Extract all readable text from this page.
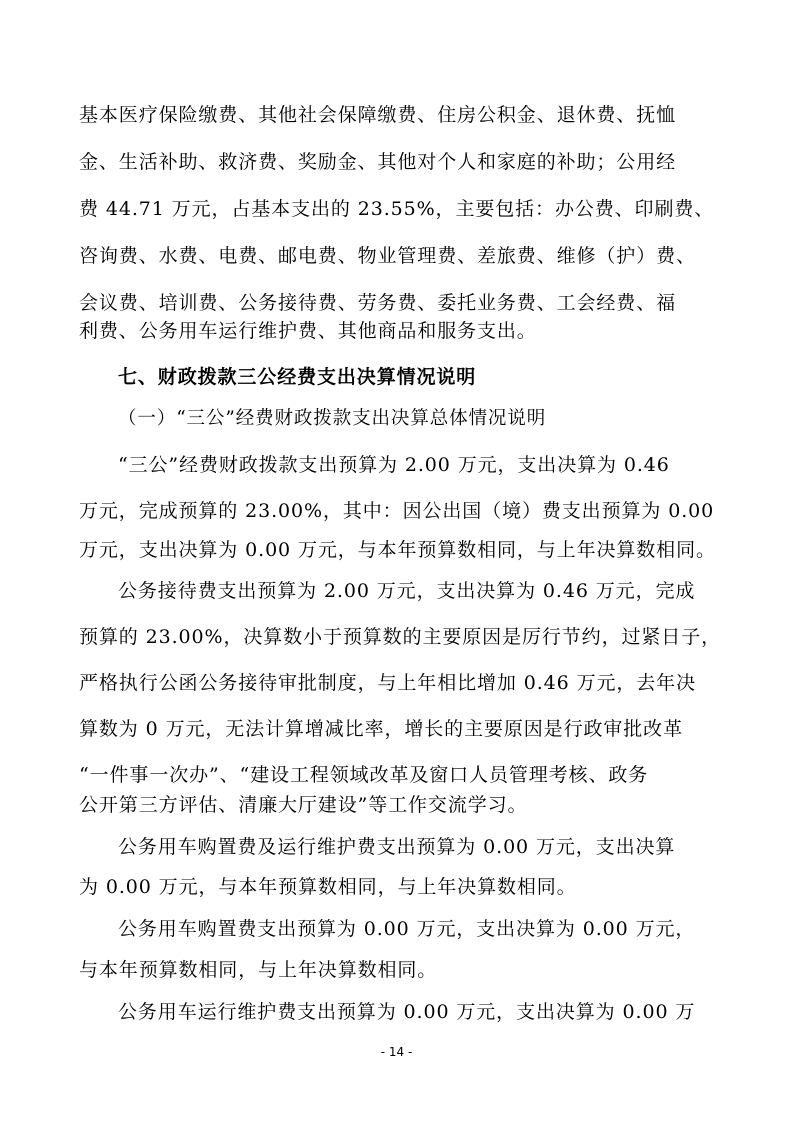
基本医疗保险缴费、其他社会保障缴费、住房公积金、退休费、抚恤
金、生活补助、救济费、奖励金、其他对个人和家庭的补助；公用经
费 44.71 万元，占基本支出的 23.55%，主要包括：办公费、印刷费、
咨询费、水费、电费、邮电费、物业管理费、差旅费、维修（护）费、
会议费、培训费、公务接待费、劳务费、委托业务费、工会经费、福
利费、公务用车运行维护费、其他商品和服务支出。
七、财政拨款三公经费支出决算情况说明
（一）“三公”经费财政拨款支出决算总体情况说明
“三公”经费财政拨款支出预算为 2.00 万元，支出决算为 0.46
万元，完成预算的 23.00%，其中：因公出国（境）费支出预算为 0.00
万元，支出决算为 0.00 万元，与本年预算数相同，与上年决算数相同。
公务接待费支出预算为 2.00 万元，支出决算为 0.46 万元，完成
预算的 23.00%，决算数小于预算数的主要原因是厉行节约，过紧日子，
严格执行公函公务接待审批制度，与上年相比增加 0.46 万元，去年决
算数为 0 万元，无法计算增减比率，增长的主要原因是行政审批改革
“一件事一次办”、“建设工程领域改革及窗口人员管理考核、政务
公开第三方评估、清廉大厅建设”等工作交流学习。
公务用车购置费及运行维护费支出预算为 0.00 万元，支出决算
为 0.00 万元，与本年预算数相同，与上年决算数相同。
公务用车购置费支出预算为 0.00 万元，支出决算为 0.00 万元，
与本年预算数相同，与上年决算数相同。
公务用车运行维护费支出预算为 0.00 万元，支出决算为 0.00 万
- 14 -
